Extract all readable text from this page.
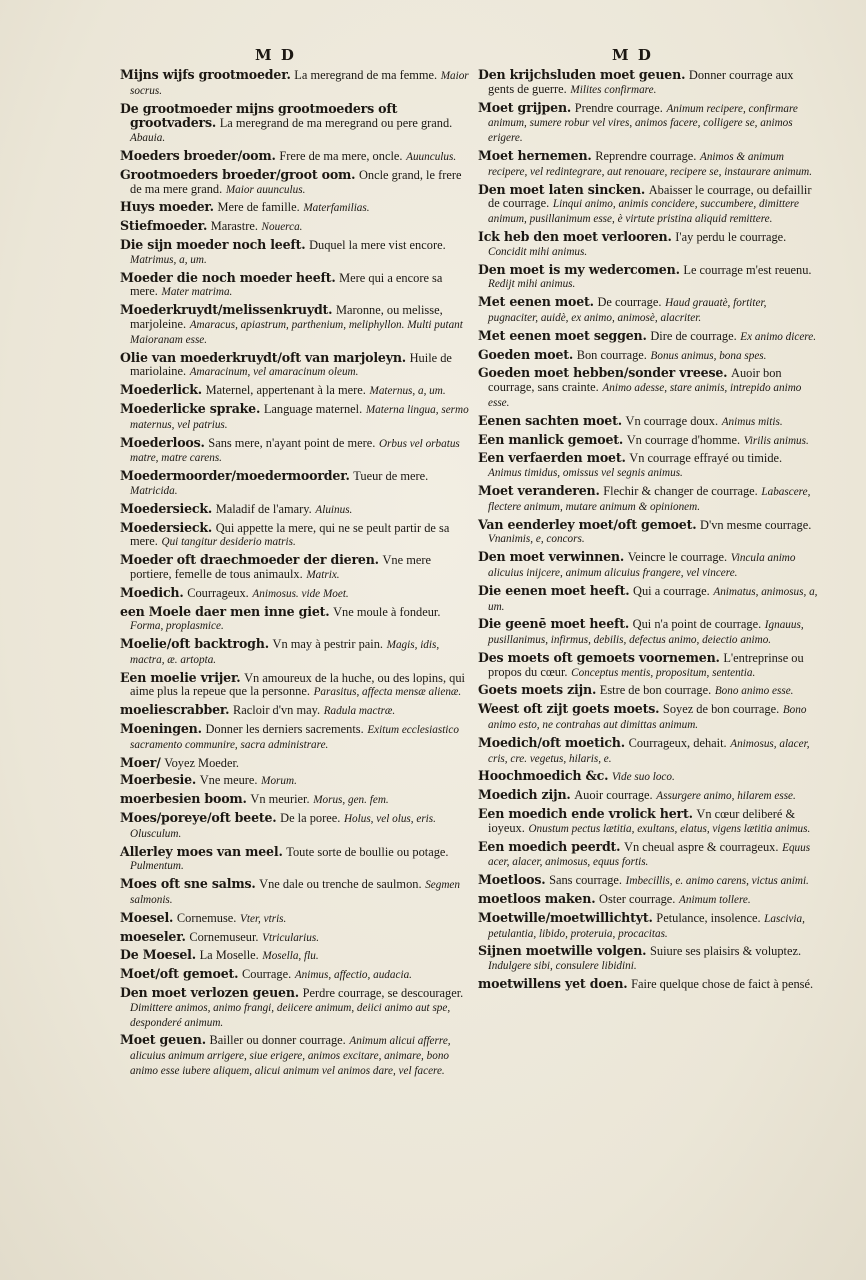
M D	M D

Mijns wijfs grootmoeder. La meregrand de ma femme. Maior socrus.

De grootmoeder mijns grootmoeders oft grootvaders. La meregrand de ma meregrand ou pere grand. Abauia.

Moeders broeder/oom. Frere de ma mere, oncle. Auunculus.

Grootmoeders broeder/groot oom. Oncle grand, le frere de ma mere grand. Maior auunculus.

Huys moeder. Mere de famille. Materfamilias.

Stiefmoeder. Marastre. Nouerca.

Die sijn moeder noch leeft. Duquel la mere vist encore. Matrimus, a, um.

Moeder die noch moeder heeft. Mere qui a encore sa mere. Mater matrima.

Moederkruydt/melissenkruydt. Maronne, ou melisse, marjoleine. Amaracus, apiastrum, parthenium, meliphyllon. Multi putant Maioranam esse.

Olie van moederkruydt/oft van marjoleyn. Huile de mariolaine. Amaracinum, vel amaracinum oleum.

Moederlick. Maternel, appertenant à la mere. Maternus, a, um.

Moederlicke sprake. Language maternel. Materna lingua, sermo maternus, vel patrius.

Moederloos. Sans mere, n'ayant point de mere. Orbus vel orbatus matre, matre carens.

Moedermoorder/moedermoorder. Tueur de mere. Matricida.

Moedersieck. Maladif de l'amary. Aluinus.

Moedersieck. Qui appette la mere, qui ne se peult partir de sa mere. Qui tangitur desiderio matris.

Moeder oft draechmoeder der dieren. Vne mere portiere, femelle de tous animaulx. Matrix.

Moedich. Courrageux. Animosus. vide Moet.

een Moele daer men inne giet. Vne moule à fondeur. Forma, proplasmice.

Moelie/oft backtrogh. Vn may à pestrir pain. Magis, idis, mactra, æ. artopta.

Een moelie vrijer. Vn amoureux de la huche, ou des lopins, qui aime plus la repeue que la personne. Parasitus, affecta mensæ alienæ.

moeliescrabber. Racloir d'vn may. Radula mactræ.

Moeningen. Donner les derniers sacrements. Exitum ecclesiastico sacramento communire, sacra administrare.

Moer/ Voyez Moeder.

Moerbesie. Vne meure. Morum.

moerbesien boom. Vn meurier. Morus, gen. fem.

Moes/poreye/oft beete. De la poree. Holus, vel olus, eris. Olusculum.

Allerley moes van meel. Toute sorte de boullie ou potage. Pulmentum.

Moes oft sne salms. Vne dale ou trenche de saulmon. Segmen salmonis.

Moesel. Cornemuse. Vter, vtris.

moeseler. Cornemuseur. Vtricularius.

De Moesel. La Moselle. Mosella, flu.

Moet/oft gemoet. Courrage. Animus, affectio, audacia.

Den moet verlozen geuen. Perdre courrage, se descourager. Dimittere animos, animo frangi, deiicere animum, deiici animo aut spe, desponderé animum.

Moet geuen. Bailler ou donner courrage. Animum alicui afferre, alicuius animum arrigere, siue erigere, animos excitare, animare, bono animo esse iubere aliquem, alicui animum vel animos dare, vel facere.

Den krijchsluden moet geuen. Donner courrage aux gents de guerre. Milites confirmare.

Moet grijpen. Prendre courrage. Animum recipere, confirmare animum, sumere robur vel vires, animos facere, colligere se, animos erigere.

Moet hernemen. Reprendre courrage. Animos & animum recipere, vel redintegrare, aut renouare, recipere se, instaurare animum.

Den moet laten sincken. Abaisser le courrage, ou defaillir de courrage. Linqui animo, animis concidere, succumbere, dimittere animum, pusillanimum esse, è virtute pristina aliquid remittere.

Ick heb den moet verlooren. I'ay perdu le courrage. Concidit mihi animus.

Den moet is my wedercomen. Le courrage m'est reuenu. Redijt mihi animus.

Met eenen moet. De courrage. Haud grauatè, fortiter, pugnaciter, auidè, ex animo, animosè, alacriter.

Met eenen moet seggen. Dire de courrage. Ex animo dicere.

Goeden moet. Bon courrage. Bonus animus, bona spes.

Goeden moet hebben/sonder vreese. Auoir bon courrage, sans crainte. Animo adesse, stare animis, intrepido animo esse.

Eenen sachten moet. Vn courrage doux. Animus mitis.

Een manlick gemoet. Vn courrage d'homme. Virilis animus.

Een verfaerden moet. Vn courrage effrayé ou timide. Animus timidus, omissus vel segnis animus.

Moet veranderen. Flechir & changer de courrage. Labascere, flectere animum, mutare animum & opinionem.

Van eenderley moet/oft gemoet. D'vn mesme courrage. Vnanimis, e, concors.

Den moet verwinnen. Veincre le courrage. Vincula animo alicuius inijcere, animum alicuius frangere, vel vincere.

Die eenen moet heeft. Qui a courrage. Animatus, animosus, a, um.

Die geenē moet heeft. Qui n'a point de courrage. Ignauus, pusillanimus, infirmus, debilis, defectus animo, deiectio animo.

Des moets oft gemoets voornemen. L'entreprinse ou propos du cœur. Conceptus mentis, propositum, sententia.

Goets moets zijn. Estre de bon courrage. Bono animo esse.

Weest oft zijt goets moets. Soyez de bon courrage. Bono animo esto, ne contrahas aut dimittas animum.

Moedich/oft moetich. Courrageux, dehait. Animosus, alacer, cris, cre. vegetus, hilaris, e.

Hoochmoedich &c. Vide suo loco.

Moedich zijn. Auoir courrage. Assurgere animo, hilarem esse.

Een moedich ende vrolick hert. Vn cœur deliberé & ioyeux. Onustum pectus lætitia, exultans, elatus, vigens lætitia animus.

Een moedich peerdt. Vn cheual aspre & courrageux. Equus acer, alacer, animosus, equus fortis.

Moetloos. Sans courrage. Imbecillis, e. animo carens, victus animi.

moetloos maken. Oster courrage. Animum tollere.

Moetwille/moetwillichtyt. Petulance, insolence. Lascivia, petulantia, libido, proteruia, procacitas.

Sijnen moetwille volgen. Suiure ses plaisirs & voluptez. Indulgere sibi, consulere libidini.

moetwillens yet doen. Faire quelque chose de faict à pensé.
